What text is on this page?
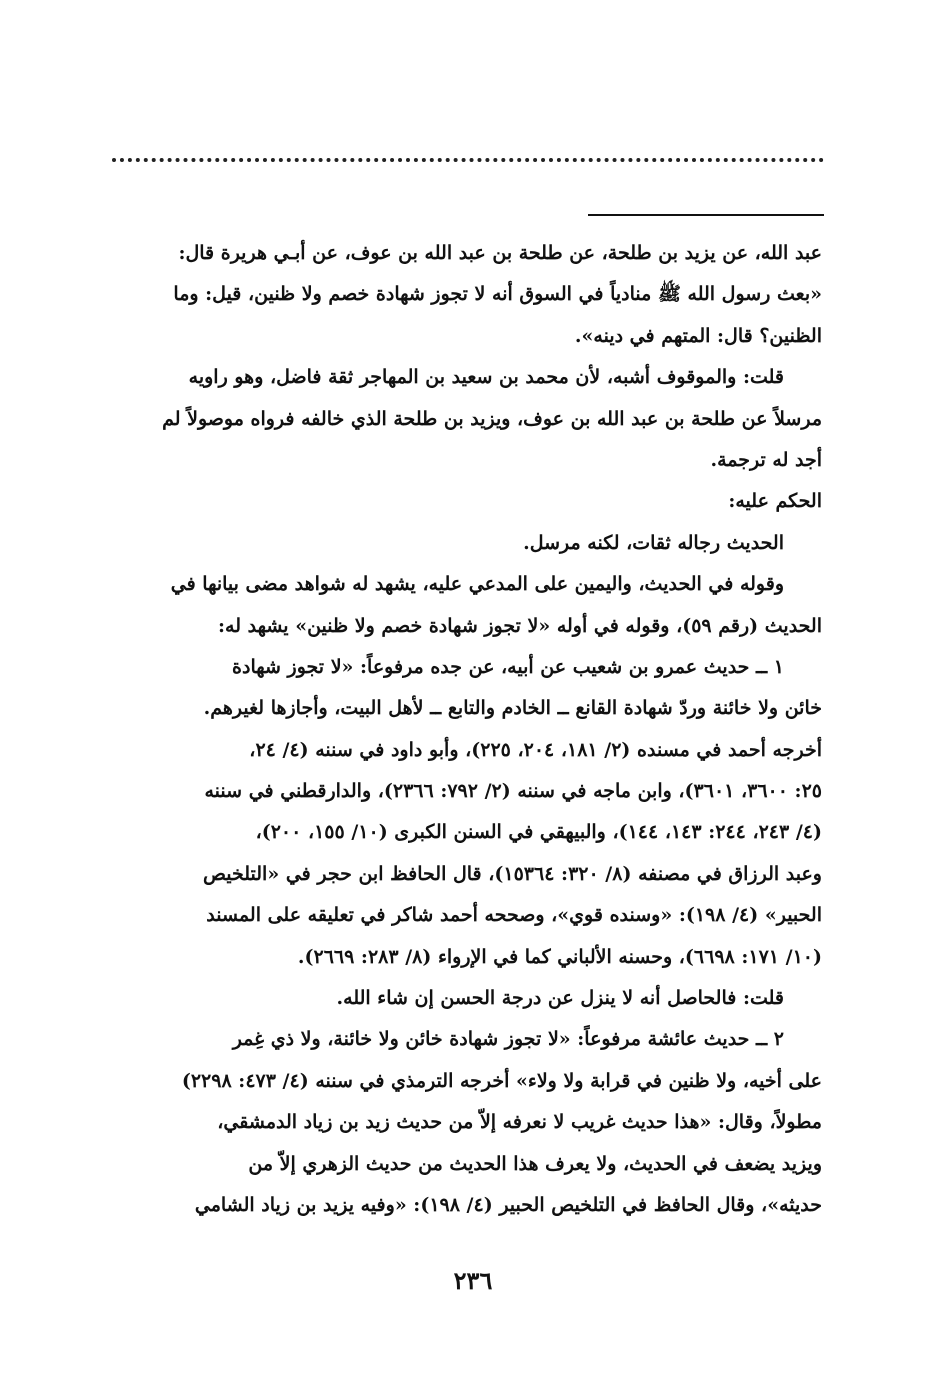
عبد الله، عن يزيد بن طلحة، عن طلحة بن عبد الله بن عوف، عن أبـي هريرة قال:
«بعث رسول الله ﷺ منادياً في السوق أنه لا تجوز شهادة خصم ولا ظنين، قيل: وما
الظنين؟ قال: المتهم في دينه».
قلت: والموقوف أشبه، لأن محمد بن سعيد بن المهاجر ثقة فاضل، وهو راويه
مرسلاً عن طلحة بن عبد الله بن عوف، ويزيد بن طلحة الذي خالفه فرواه موصولاً لم
أجد له ترجمة.
الحكم عليه:
الحديث رجاله ثقات، لكنه مرسل.
وقوله في الحديث، واليمين على المدعي عليه، يشهد له شواهد مضى بيانها في
الحديث (رقم ٥٩)، وقوله في أوله «لا تجوز شهادة خصم ولا ظنين» يشهد له:
١ ــ حديث عمرو بن شعيب عن أبيه، عن جده مرفوعاً: «لا تجوز شهادة
خائن ولا خائنة وردّ شهادة القانع ــ الخادم والتابع ــ لأهل البيت، وأجازها لغيرهم.
أخرجه أحمد في مسنده (٢/ ١٨١، ٢٠٤، ٢٢٥)، وأبو داود في سننه (٤/ ٢٤،
٢٥: ٣٦٠٠، ٣٦٠١)، وابن ماجه في سننه (٢/ ٧٩٢: ٢٣٦٦)، والدارقطني في سننه
(٤/ ٢٤٣، ٢٤٤: ١٤٣، ١٤٤)، والبيهقي في السنن الكبرى (١٠/ ١٥٥، ٢٠٠)،
وعبد الرزاق في مصنفه (٨/ ٣٢٠: ١٥٣٦٤)، قال الحافظ ابن حجر في «التلخيص
الحبير» (٤/ ١٩٨): «وسنده قوي»، وصححه أحمد شاكر في تعليقه على المسند
(١٠/ ١٧١: ٦٦٩٨)، وحسنه الألباني كما في الإرواء (٨/ ٢٨٣: ٢٦٦٩).
قلت: فالحاصل أنه لا ينزل عن درجة الحسن إن شاء الله.
٢ ــ حديث عائشة مرفوعاً: «لا تجوز شهادة خائن ولا خائنة، ولا ذي غِمر
على أخيه، ولا ظنين في قرابة ولا ولاء» أخرجه الترمذي في سننه (٤/ ٤٧٣: ٢٢٩٨)
مطولاً، وقال: «هذا حديث غريب لا نعرفه إلاّ من حديث زيد بن زياد الدمشقي،
ويزيد يضعف في الحديث، ولا يعرف هذا الحديث من حديث الزهري إلاّ من
حديثه»، وقال الحافظ في التلخيص الحبير (٤/ ١٩٨): «وفيه يزيد بن زياد الشامي
٢٣٦
